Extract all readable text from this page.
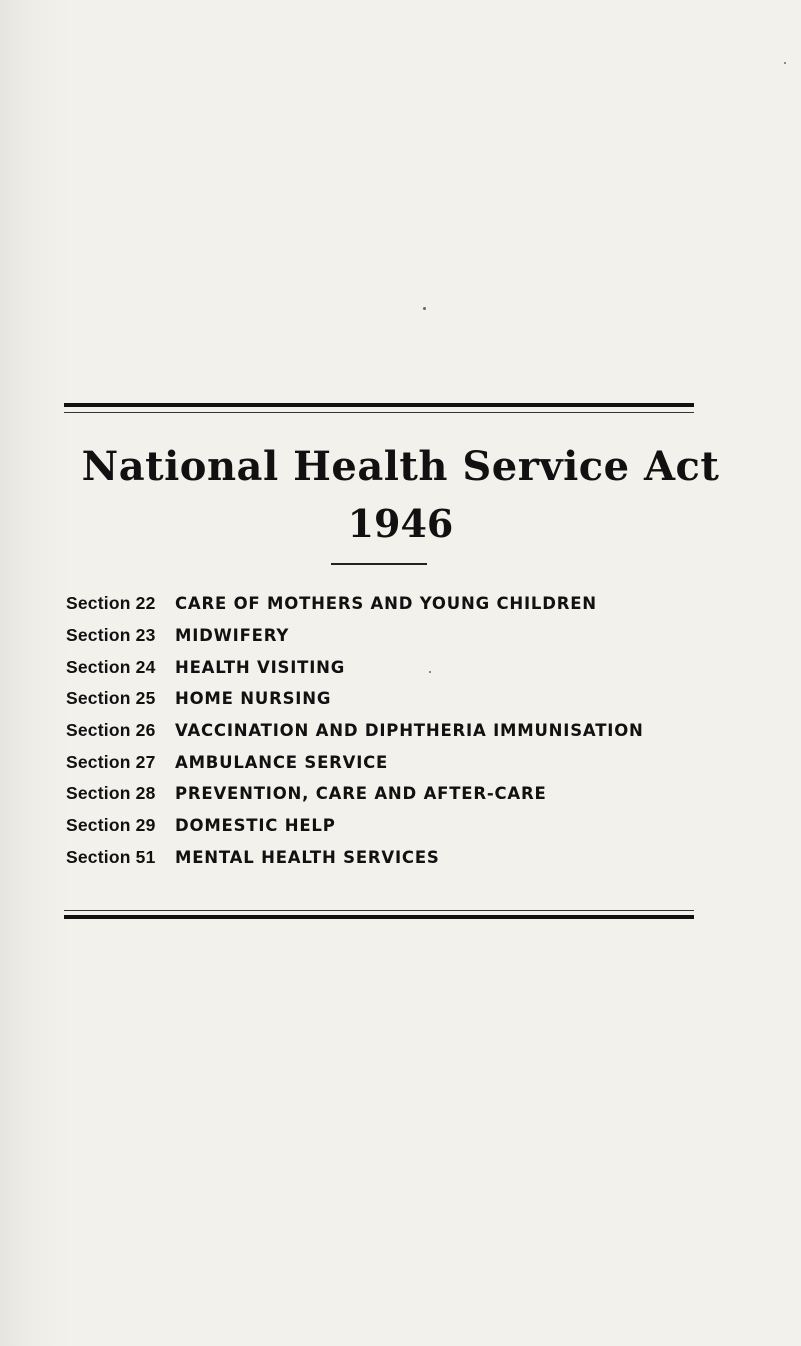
National Health Service Act
1946
Section 22	CARE OF MOTHERS AND YOUNG CHILDREN
Section 23	MIDWIFERY
Section 24	HEALTH VISITING
Section 25	HOME NURSING
Section 26	VACCINATION AND DIPHTHERIA IMMUNISATION
Section 27	AMBULANCE SERVICE
Section 28	PREVENTION, CARE AND AFTER-CARE
Section 29	DOMESTIC HELP
Section 51	MENTAL HEALTH SERVICES
